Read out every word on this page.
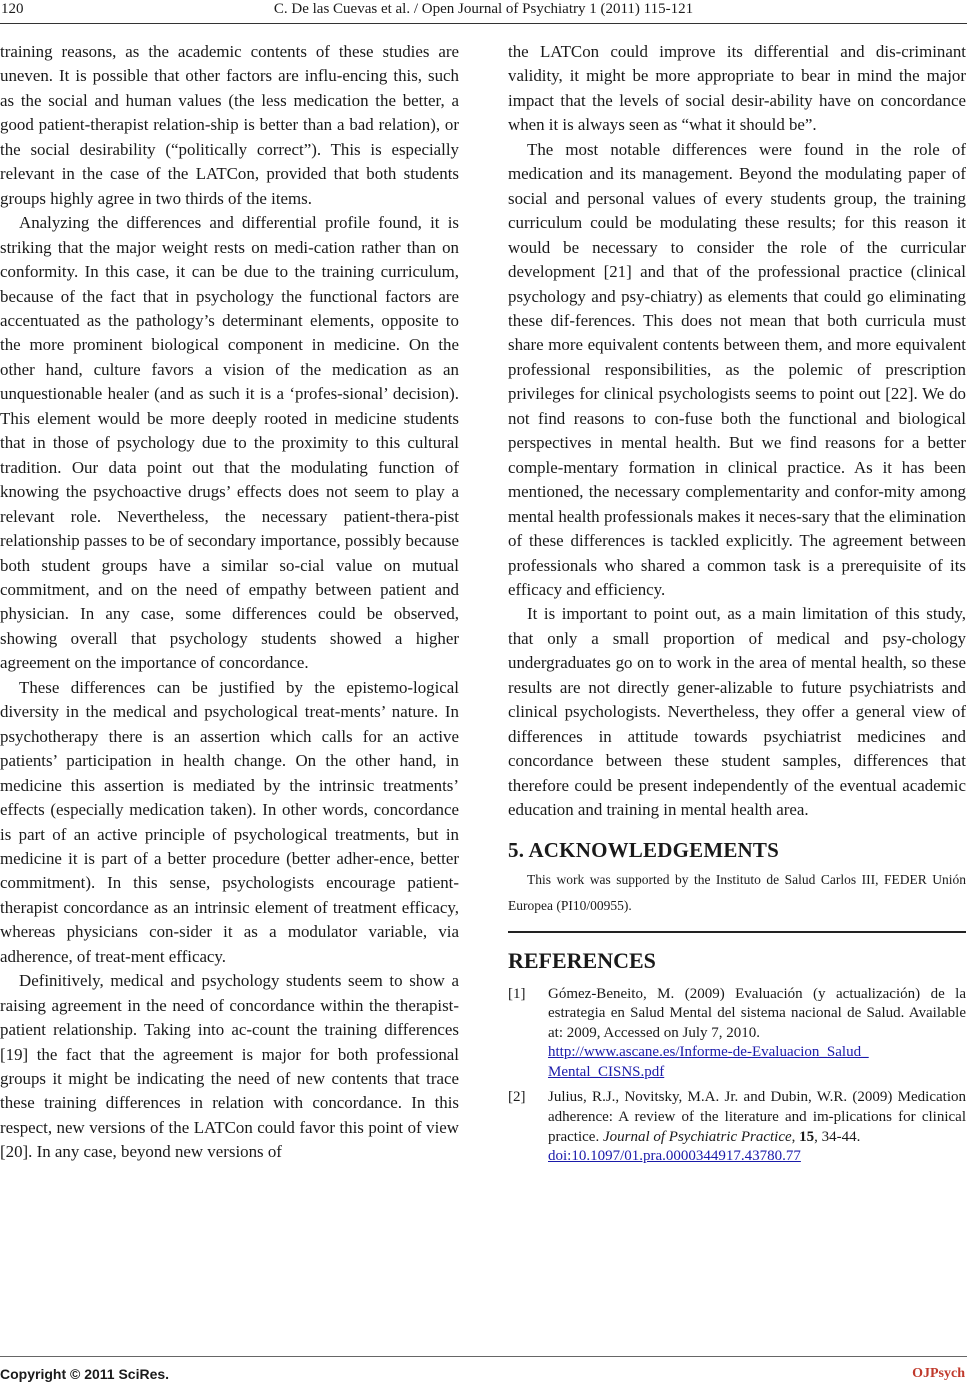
120	C. De las Cuevas et al. / Open Journal of Psychiatry 1 (2011) 115-121

training reasons, as the academic contents of these studies are uneven. It is possible that other factors are influ-encing this, such as the social and human values (the less medication the better, a good patient-therapist relation-ship is better than a bad relation), or the social desirability (“politically correct”). This is especially relevant in the case of the LATCon, provided that both students groups highly agree in two thirds of the items.

Analyzing the differences and differential profile found, it is striking that the major weight rests on medi-cation rather than on conformity. In this case, it can be due to the training curriculum, because of the fact that in psychology the functional factors are accentuated as the pathology’s determinant elements, opposite to the more prominent biological component in medicine. On the other hand, culture favors a vision of the medication as an unquestionable healer (and as such it is a ‘profes-sional’ decision). This element would be more deeply rooted in medicine students that in those of psychology due to the proximity to this cultural tradition. Our data point out that the modulating function of knowing the psychoactive drugs’ effects does not seem to play a relevant role. Nevertheless, the necessary patient-thera-pist relationship passes to be of secondary importance, possibly because both student groups have a similar so-cial value on mutual commitment, and on the need of empathy between patient and physician. In any case, some differences could be observed, showing overall that psychology students showed a higher agreement on the importance of concordance.

These differences can be justified by the epistemo-logical diversity in the medical and psychological treat-ments’ nature. In psychotherapy there is an assertion which calls for an active patients’ participation in health change. On the other hand, in medicine this assertion is mediated by the intrinsic treatments’ effects (especially medication taken). In other words, concordance is part of an active principle of psychological treatments, but in medicine it is part of a better procedure (better adher-ence, better commitment). In this sense, psychologists encourage patient-therapist concordance as an intrinsic element of treatment efficacy, whereas physicians con-sider it as a modulator variable, via adherence, of treat-ment efficacy.

Definitively, medical and psychology students seem to show a raising agreement in the need of concordance within the therapist-patient relationship. Taking into ac-count the training differences [19] the fact that the agreement is major for both professional groups it might be indicating the need of new contents that trace these training differences in relation with concordance. In this respect, new versions of the LATCon could favor this point of view [20]. In any case, beyond new versions of

the LATCon could improve its differential and dis-criminant validity, it might be more appropriate to bear in mind the major impact that the levels of social desir-ability have on concordance when it is always seen as “what it should be”.

The most notable differences were found in the role of medication and its management. Beyond the modulating paper of social and personal values of every students group, the training curriculum could be modulating these results; for this reason it would be necessary to consider the role of the curricular development [21] and that of the professional practice (clinical psychology and psy-chiatry) as elements that could go eliminating these dif-ferences. This does not mean that both curricula must share more equivalent contents between them, and more equivalent professional responsibilities, as the polemic of prescription privileges for clinical psychologists seems to point out [22]. We do not find reasons to con-fuse both the functional and biological perspectives in mental health. But we find reasons for a better comple-mentary formation in clinical practice. As it has been mentioned, the necessary complementarity and confor-mity among mental health professionals makes it neces-sary that the elimination of these differences is tackled explicitly. The agreement between professionals who shared a common task is a prerequisite of its efficacy and efficiency.

It is important to point out, as a main limitation of this study, that only a small proportion of medical and psy-chology undergraduates go on to work in the area of mental health, so these results are not directly gener-alizable to future psychiatrists and clinical psychologists. Nevertheless, they offer a general view of differences in attitude towards psychiatrist medicines and concordance between these student samples, differences that therefore could be present independently of the eventual academic education and training in mental health area.

5. ACKNOWLEDGEMENTS

This work was supported by the Instituto de Salud Carlos III, FEDER Unión Europea (PI10/00955).

REFERENCES
[1]	Gómez-Beneito, M. (2009) Evaluación (y actualización) de la estrategia en Salud Mental del sistema nacional de Salud. Available at: 2009, Accessed on July 7, 2010.
http://www.ascane.es/Informe-de-Evaluacion_Salud_
Mental_CISNS.pdf
[2]	Julius, R.J., Novitsky, M.A. Jr. and Dubin, W.R. (2009) Medication adherence: A review of the literature and im-plications for clinical practice. Journal of Psychiatric Practice, 15, 34-44.
doi:10.1097/01.pra.0000344917.43780.77
Copyright © 2011 SciRes.	OJPsych
